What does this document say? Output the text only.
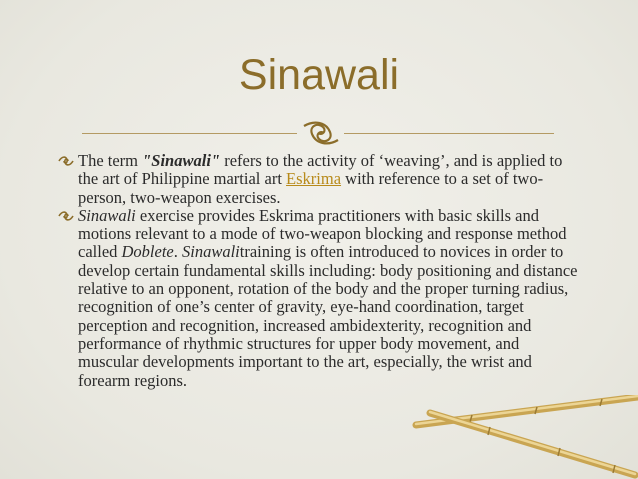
Sinawali

The term "Sinawali" refers to the activity of ‘weaving’, and is applied to the art of Philippine martial art Eskrima with reference to a set of two-person, two-weapon exercises.

Sinawali exercise provides Eskrima practitioners with basic skills and motions relevant to a mode of two-weapon blocking and response method called Doblete. Sinawalitraining is often introduced to novices in order to develop certain fundamental skills including: body positioning and distance relative to an opponent, rotation of the body and the proper turning radius, recognition of one’s center of gravity, eye-hand coordination, target perception and recognition, increased ambidexterity, recognition and performance of rhythmic structures for upper body movement, and muscular developments important to the art, especially, the wrist and forearm regions.
